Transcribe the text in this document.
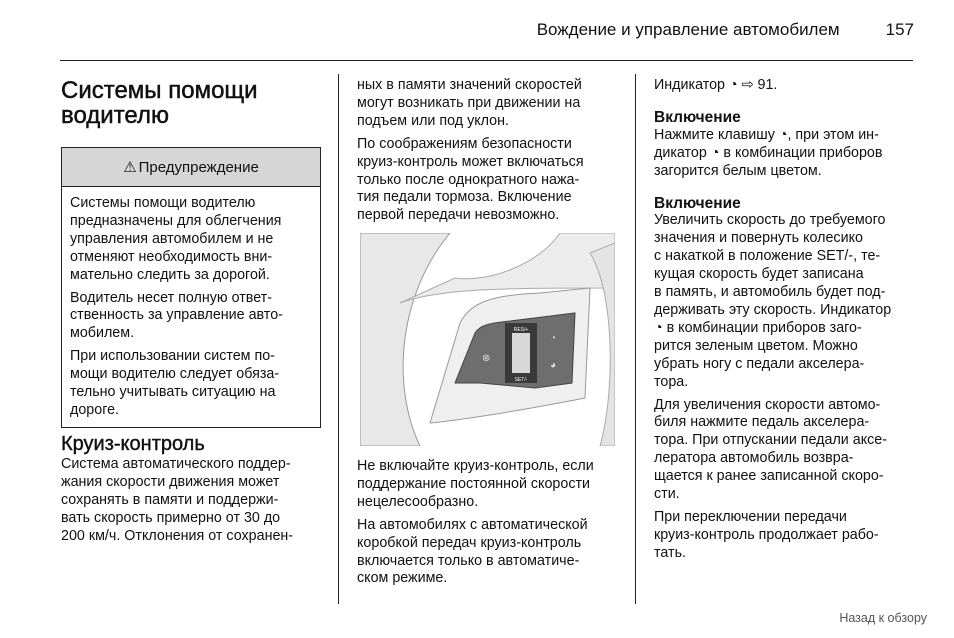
Вождение и управление автомобилем	157
Системы помощи
водителю
⚠ Предупреждение

Системы помощи водителю
предназначены для облегчения
управления автомобилем и не
отменяют необходимость вни-
мательно следить за дорогой.

Водитель несет полную ответ-
ственность за управление авто-
мобилем.

При использовании систем по-
мощи водителю следует обяза-
тельно учитывать ситуацию на
дороге.

Круиз-контроль

Система автоматического поддер-
жания скорости движения может
сохранять в памяти и поддержи-
вать скорость примерно от 30 до
200 км/ч. Отклонения от сохранен-

ных в памяти значений скоростей
могут возникать при движении на
подъем или под уклон.

По соображениям безопасности
круиз-контроль может включаться
только после однократного нажа-
тия педали тормоза. Включение
первой передачи невозможно.

RES/+
SET/-
⊗
◔
◕

Не включайте круиз-контроль, если
поддержание постоянной скорости
нецелесообразно.

На автомобилях с автоматической
коробкой передач круиз-контроль
включается только в автоматиче-
ском режиме.

Индикатор ◔ ⇨ 91.

Включение

Нажмите клавишу ◔, при этом ин-
дикатор ◔ в комбинации приборов
загорится белым цветом.

Включение

Увеличить скорость до требуемого
значения и повернуть колесико
с накаткой в положение SET/-, те-
кущая скорость будет записана
в память, и автомобиль будет под-
держивать эту скорость. Индикатор
◔ в комбинации приборов заго-
рится зеленым цветом. Можно
убрать ногу с педали акселера-
тора.

Для увеличения скорости автомо-
биля нажмите педаль акселера-
тора. При отпускании педали аксе-
лератора автомобиль возвра-
щается к ранее записанной скоро-
сти.

При переключении передачи
круиз-контроль продолжает рабо-
тать.

Назад к обзору
